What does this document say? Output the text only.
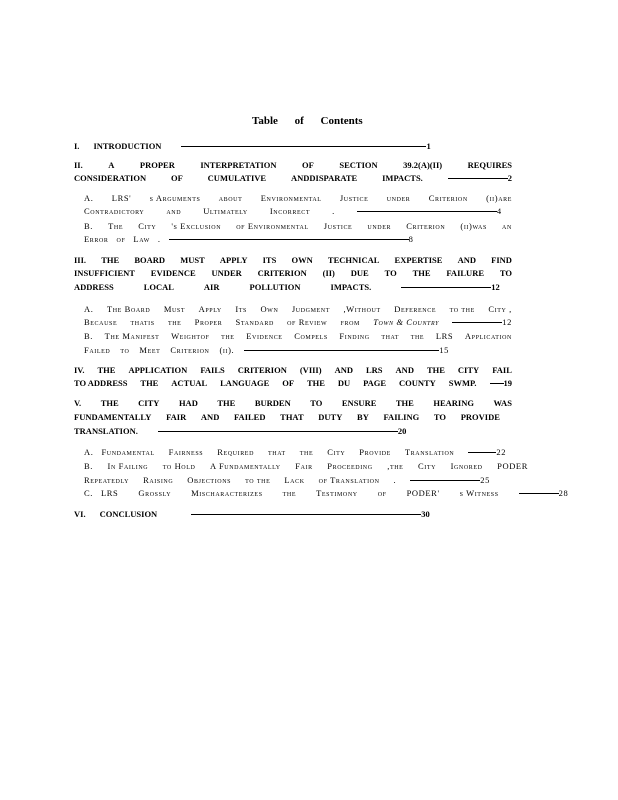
Table of Contents
I. INTRODUCTION	1
II.	A	PROPER	INTERPRETATION	OF	SECTION	39.2(A)(II)	REQUIRES
CONSIDERATION	OF	CUMULATIVE	ANDDISPARATE	IMPACTS.	2
A. LRS' s Arguments about Environmental Justice under Criterion (ii)are
Contradictory	and	Ultimately	Incorrect	.	4
B. The City 's Exclusion of Environmental Justice under Criterion (ii)was an
Error of Law .	8
III. THE BOARD MUST APPLY ITS OWN TECHNICAL EXPERTISE AND FIND
INSUFFICIENT EVIDENCE UNDER CRITERION (II) DUE TO THE FAILURE TO
ADDRESS	LOCAL	AIR	POLLUTION	IMPACTS.	12
A. The Board Must Apply Its Own Judgment ,Without Deference to the City ,
Because thatis the Proper Standard of Review from Town & Country	12
B. The Manifest Weightof the Evidence Compels Finding that the LRS Application
Failed to Meet Criterion (ii).	15
IV. THE APPLICATION FAILS CRITERION (VIII) AND LRS AND THE CITY FAIL
TO ADDRESS THE ACTUAL LANGUAGE OF THE DU PAGE COUNTY SWMP.	19
V. THE CITY HAD THE BURDEN TO ENSURE THE HEARING WAS
FUNDAMENTALLY FAIR AND FAILED THAT DUTY BY FAILING TO PROVIDE
TRANSLATION.	20
A. Fundamental Fairness Required that the City Provide Translation	22
B. In Failing to Hold A Fundamentally Fair Proceeding ,the City Ignored PODER
Repeatedly Raising Objections to the Lack of Translation .	25
C. LRS Grossly Mischaracterizes the Testimony of PODER' s Witness	28
VI. CONCLUSION	30
